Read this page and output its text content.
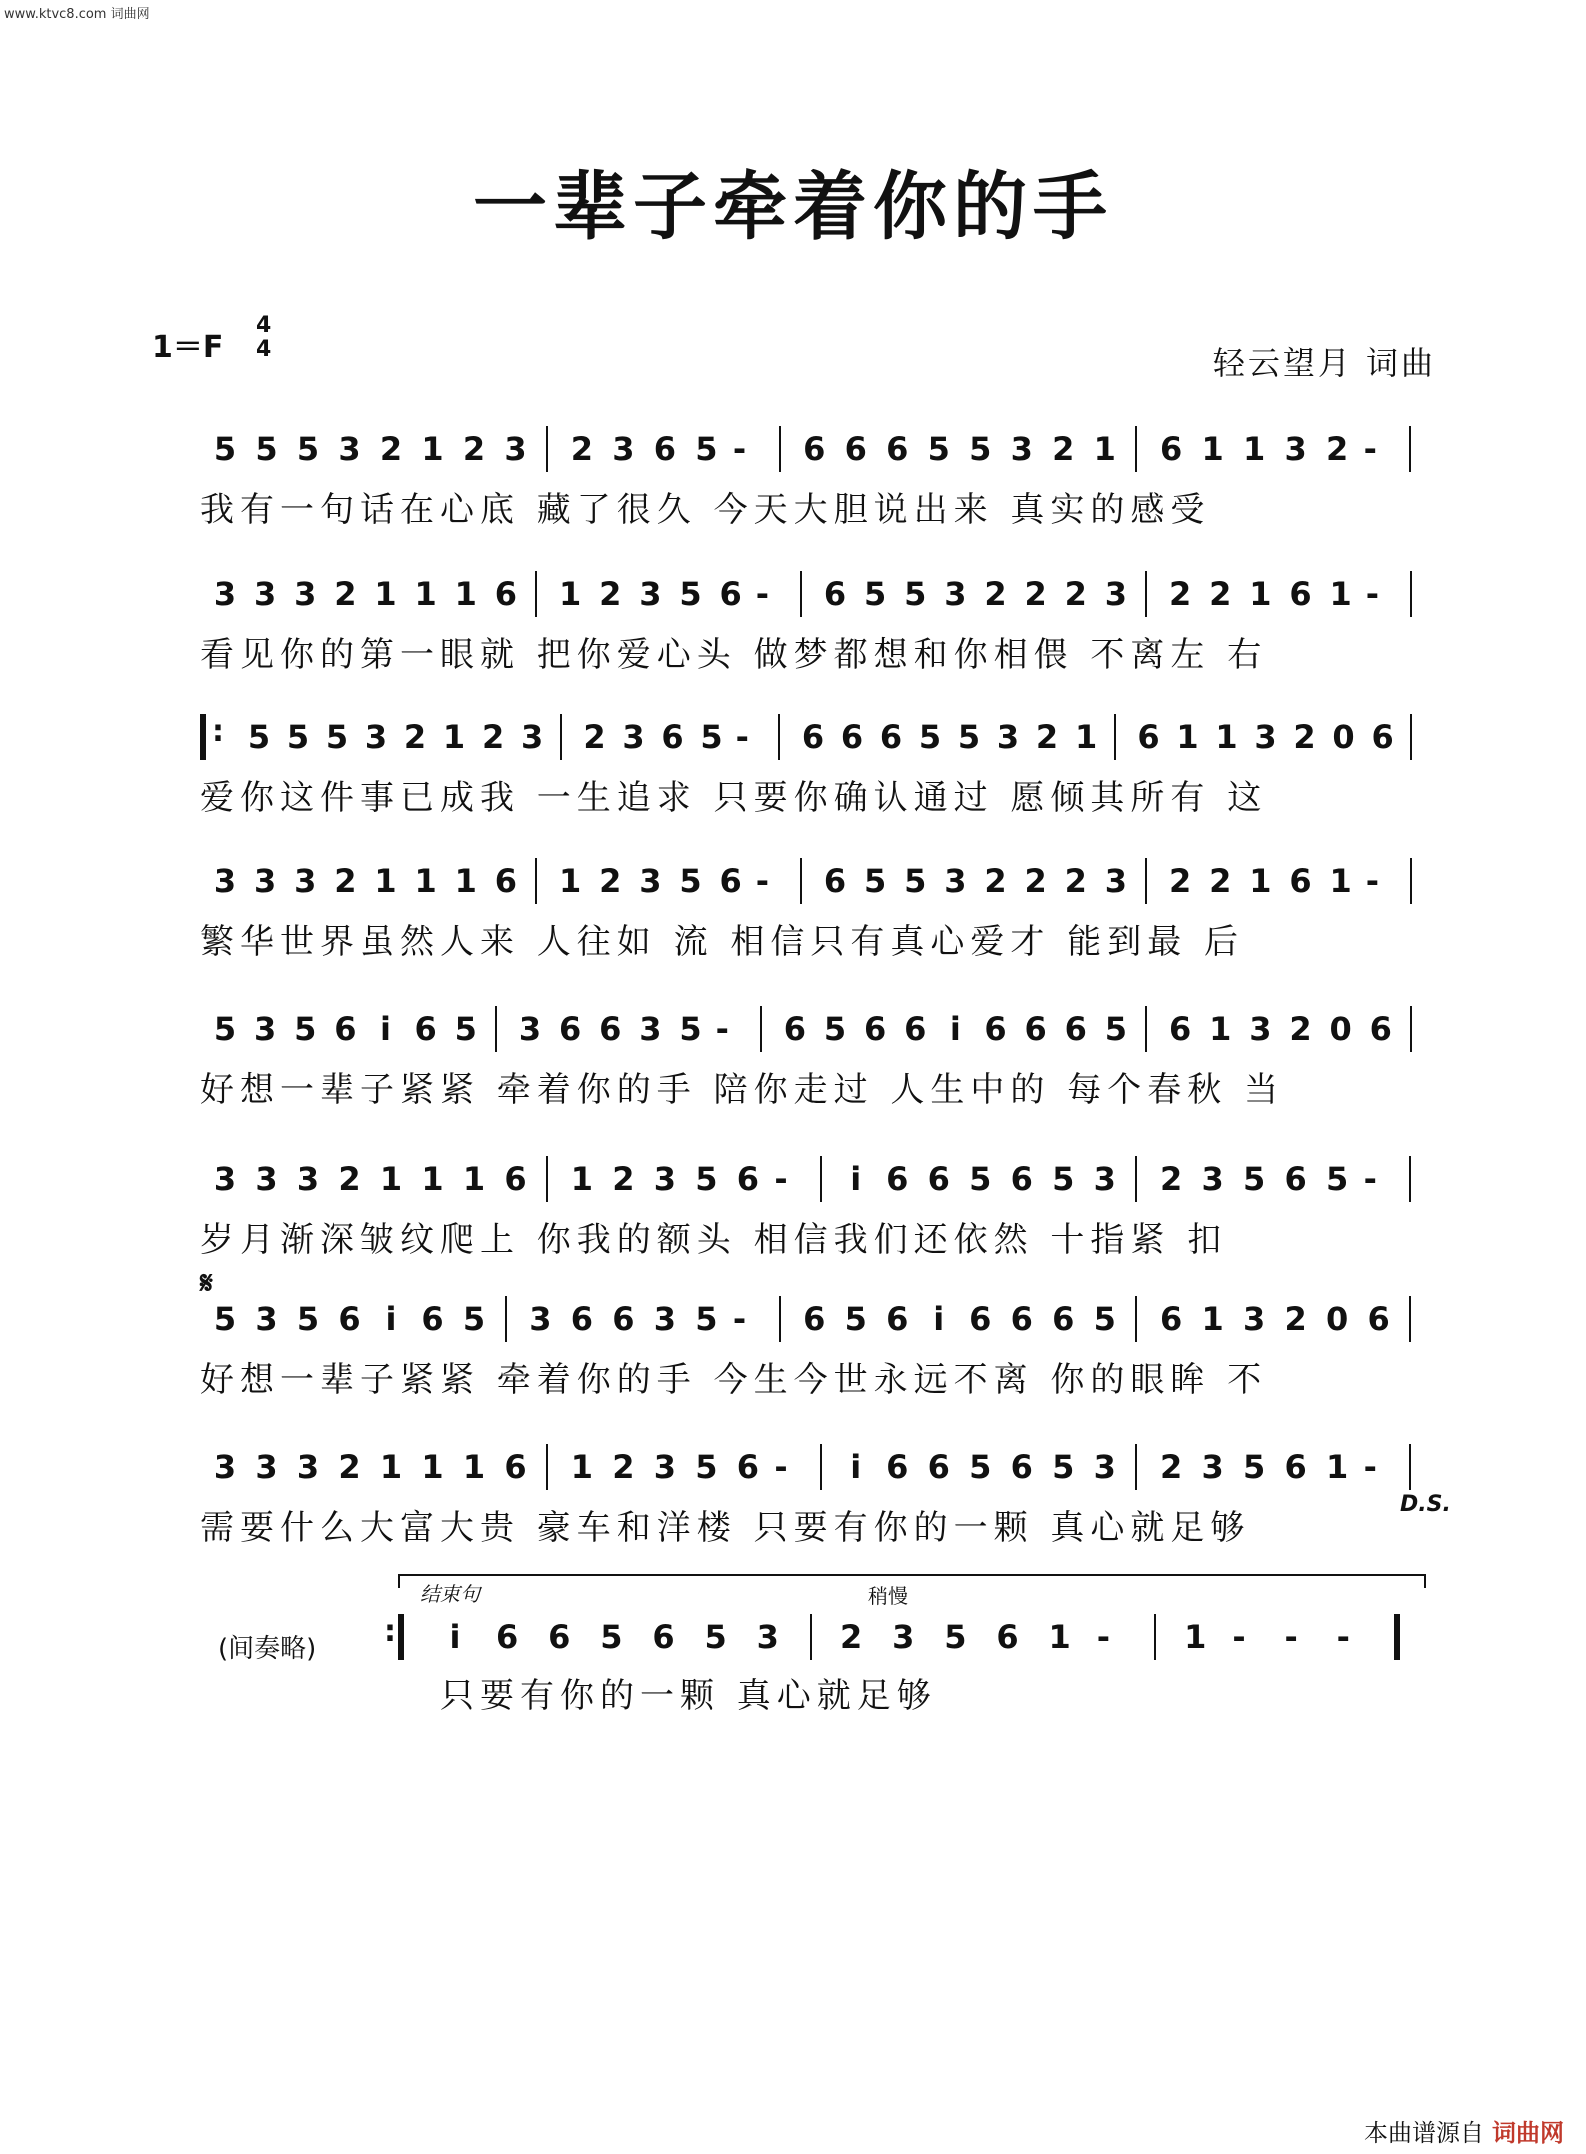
www.ktvc8.com 词曲网
一辈子牵着你的手
1＝F
4
4	轻云望月 词曲
5 5 5 3 2 1 2 3 2 3 6 5 - 6 6 6 5 5 3 2 1 6 1 1 3 2 -
我有一句话在心底 藏了很久 今天大胆说出来 真实的感受
3 3 3 2 1 1 1 6 1 2 3 5 6 - 6 5 5 3 2 2 2 3 2 2 1 6 1 -
看见你的第一眼就 把你爱心头 做梦都想和你相偎 不离左 右
5 5 5 3 2 1 2 3 2 3 6 5 - 6 6 6 5 5 3 2 1 6 1 1 3 2 0 6
:
爱你这件事已成我 一生追求 只要你确认通过 愿倾其所有 这
3 3 3 2 1 1 1 6 1 2 3 5 6 - 6 5 5 3 2 2 2 3 2 2 1 6 1 -
繁华世界虽然人来 人往如 流 相信只有真心爱才 能到最 后
5 3 5 6 i 6 5 3 6 6 3 5 - 6 5 6 6 i 6 6 6 5 6 1 3 2 0 6
好想一辈子紧紧 牵着你的手 陪你走过 人生中的 每个春秋 当
3 3 3 2 1 1 1 6 1 2 3 5 6 - i 6 6 5 6 5 3 2 3 5 6 5 -
岁月渐深皱纹爬上 你我的额头 相信我们还依然 十指紧 扣
5 3 5 6 i 6 5 3 6 6 3 5 - 6 5 6 i 6 6 6 5 6 1 3 2 0 6
好想一辈子紧紧 牵着你的手 今生今世永远不离 你的眼眸 不
3 3 3 2 1 1 1 6 1 2 3 5 6 - i 6 6 5 6 5 3 2 3 5 6 1 -
需要什么大富大贵 豪车和洋楼 只要有你的一颗 真心就足够
𝄋
D.S.
(间奏略)
结束句	稍慢
: i 6 6 5 6 5 3 2 3 5 6 1 - 1 - - -
只要有你的一颗 真心就足够
本曲谱源自 词曲网
